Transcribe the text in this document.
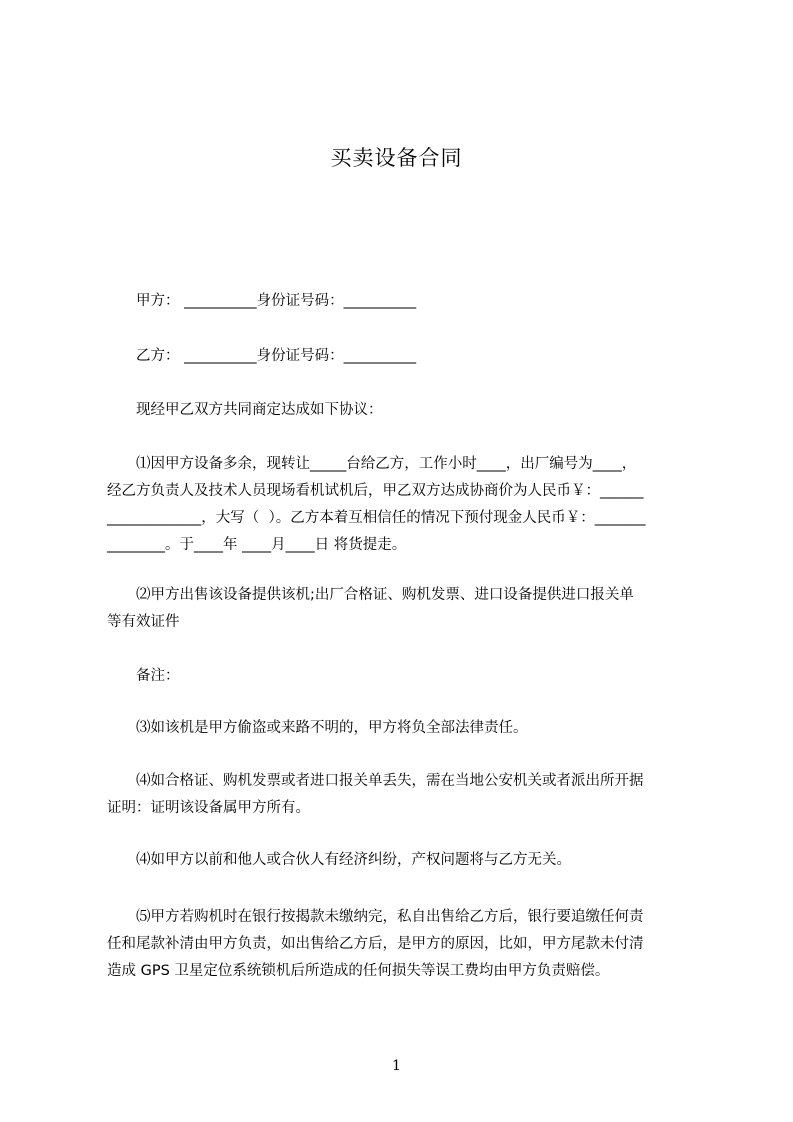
买卖设备合同
甲方： __________身份证号码：__________
乙方： __________身份证号码：__________
现经甲乙双方共同商定达成如下协议：
⑴因甲方设备多余，现转让_____台给乙方，工作小时____，出厂编号为____，
经乙方负责人及技术人员现场看机试机后，甲乙双方达成协商价为人民币￥：______
_____________，大写（  ）。乙方本着互相信任的情况下预付现金人民币￥：_______
________。于____年 ____月____日 将货提走。
⑵甲方出售该设备提供该机;出厂合格证、购机发票、进口设备提供进口报关单
等有效证件
备注：
⑶如该机是甲方偷盗或来路不明的，甲方将负全部法律责任。
⑷如合格证、购机发票或者进口报关单丢失，需在当地公安机关或者派出所开据
证明：证明该设备属甲方所有。
⑷如甲方以前和他人或合伙人有经济纠纷，产权问题将与乙方无关。
⑸甲方若购机时在银行按揭款未缴纳完，私自出售给乙方后，银行要追缴任何责
任和尾款补清由甲方负责，如出售给乙方后，是甲方的原因，比如，甲方尾款未付清
造成 GPS 卫星定位系统锁机后所造成的任何损失等误工费均由甲方负责赔偿。
1
